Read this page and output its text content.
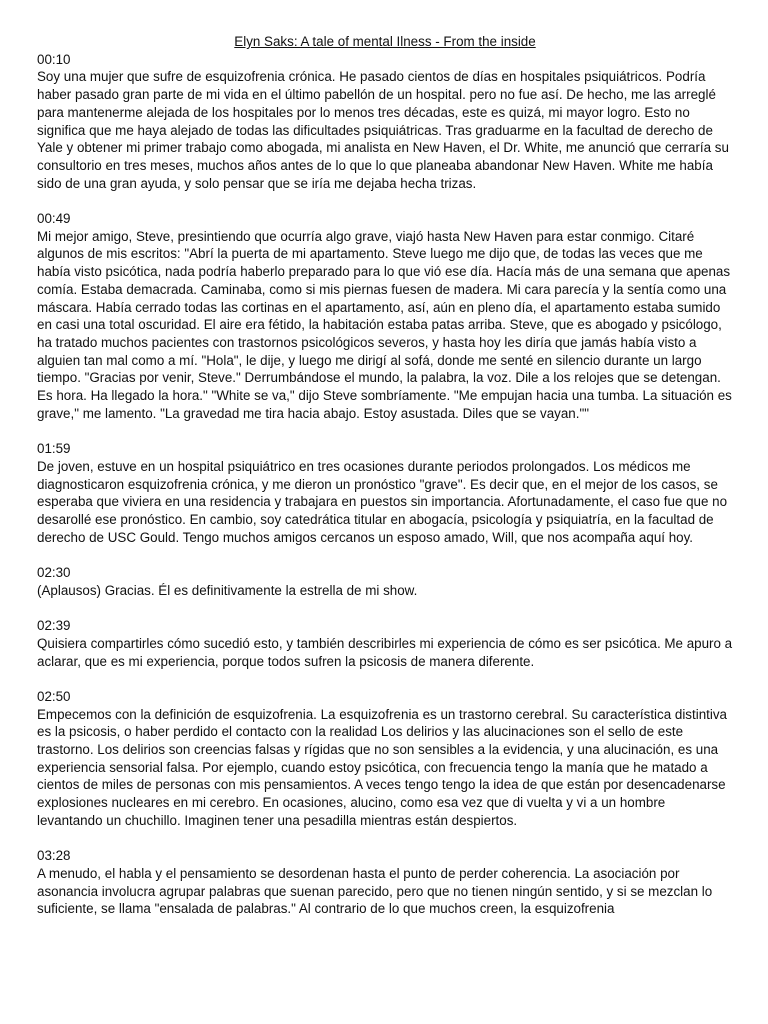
Elyn Saks: A tale of mental Ilness - From the inside
00:10
Soy una mujer que sufre de esquizofrenia crónica. He pasado cientos de días en hospitales psiquiátricos. Podría haber pasado gran parte de mi vida en el último pabellón de un hospital. pero no fue así. De hecho, me las arreglé para mantenerme alejada de los hospitales por lo menos tres décadas, este es quizá, mi mayor logro. Esto no significa que me haya alejado de todas las dificultades psiquiátricas. Tras graduarme en la facultad de derecho de Yale y obtener mi primer trabajo como abogada, mi analista en New Haven, el Dr. White, me anunció que cerraría su consultorio en tres meses, muchos años antes de lo que lo que planeaba abandonar New Haven. White me había sido de una gran ayuda, y solo pensar que se iría me dejaba hecha trizas.
00:49
Mi mejor amigo, Steve, presintiendo que ocurría algo grave, viajó hasta New Haven para estar conmigo. Citaré algunos de mis escritos: "Abrí la puerta de mi apartamento. Steve luego me dijo que, de todas las veces que me había visto psicótica, nada podría haberlo preparado para lo que vió ese día. Hacía más de una semana que apenas comía. Estaba demacrada. Caminaba, como si mis piernas fuesen de madera. Mi cara parecía y la sentía como una máscara. Había cerrado todas las cortinas en el apartamento, así, aún en pleno día, el apartamento estaba sumido en casi una total oscuridad. El aire era fétido, la habitación estaba patas arriba. Steve, que es abogado y psicólogo, ha tratado muchos pacientes con trastornos psicológicos severos, y hasta hoy les diría que jamás había visto a alguien tan mal como a mí. "Hola", le dije, y luego me dirigí al sofá, donde me senté en silencio durante un largo tiempo. "Gracias por venir, Steve." Derrumbándose el mundo, la palabra, la voz. Dile a los relojes que se detengan. Es hora. Ha llegado la hora." "White se va," dijo Steve sombríamente. "Me empujan hacia una tumba. La situación es grave," me lamento. "La gravedad me tira hacia abajo. Estoy asustada. Diles que se vayan.""
01:59
De joven, estuve en un hospital psiquiátrico en tres ocasiones durante periodos prolongados. Los médicos me diagnosticaron esquizofrenia crónica, y me dieron un pronóstico "grave". Es decir que, en el mejor de los casos, se esperaba que viviera en una residencia y trabajara en puestos sin importancia. Afortunadamente, el caso fue que no desarollé ese pronóstico. En cambio, soy catedrática titular en abogacía, psicología y psiquiatría, en la facultad de derecho de USC Gould. Tengo muchos amigos cercanos un esposo amado, Will, que nos acompaña aquí hoy.
02:30
(Aplausos) Gracias. Él es definitivamente la estrella de mi show.
02:39
Quisiera compartirles cómo sucedió esto, y también describirles mi experiencia de cómo es ser psicótica. Me apuro a aclarar, que es mi experiencia, porque todos sufren la psicosis de manera diferente.
02:50
Empecemos con la definición de esquizofrenia. La esquizofrenia es un trastorno cerebral. Su característica distintiva es la psicosis, o haber perdido el contacto con la realidad Los delirios y las alucinaciones son el sello de este trastorno. Los delirios son creencias falsas y rígidas que no son sensibles a la evidencia, y una alucinación, es una experiencia sensorial falsa. Por ejemplo, cuando estoy psicótica, con frecuencia tengo la manía que he matado a cientos de miles de personas con mis pensamientos. A veces tengo tengo la idea de que están por desencadenarse explosiones nucleares en mi cerebro. En ocasiones, alucino, como esa vez que di vuelta y vi a un hombre levantando un chuchillo. Imaginen tener una pesadilla mientras están despiertos.
03:28
A menudo, el habla y el pensamiento se desordenan hasta el punto de perder coherencia. La asociación por asonancia involucra agrupar palabras que suenan parecido, pero que no tienen ningún sentido, y si se mezclan lo suficiente, se llama "ensalada de palabras." Al contrario de lo que muchos creen, la esquizofrenia
